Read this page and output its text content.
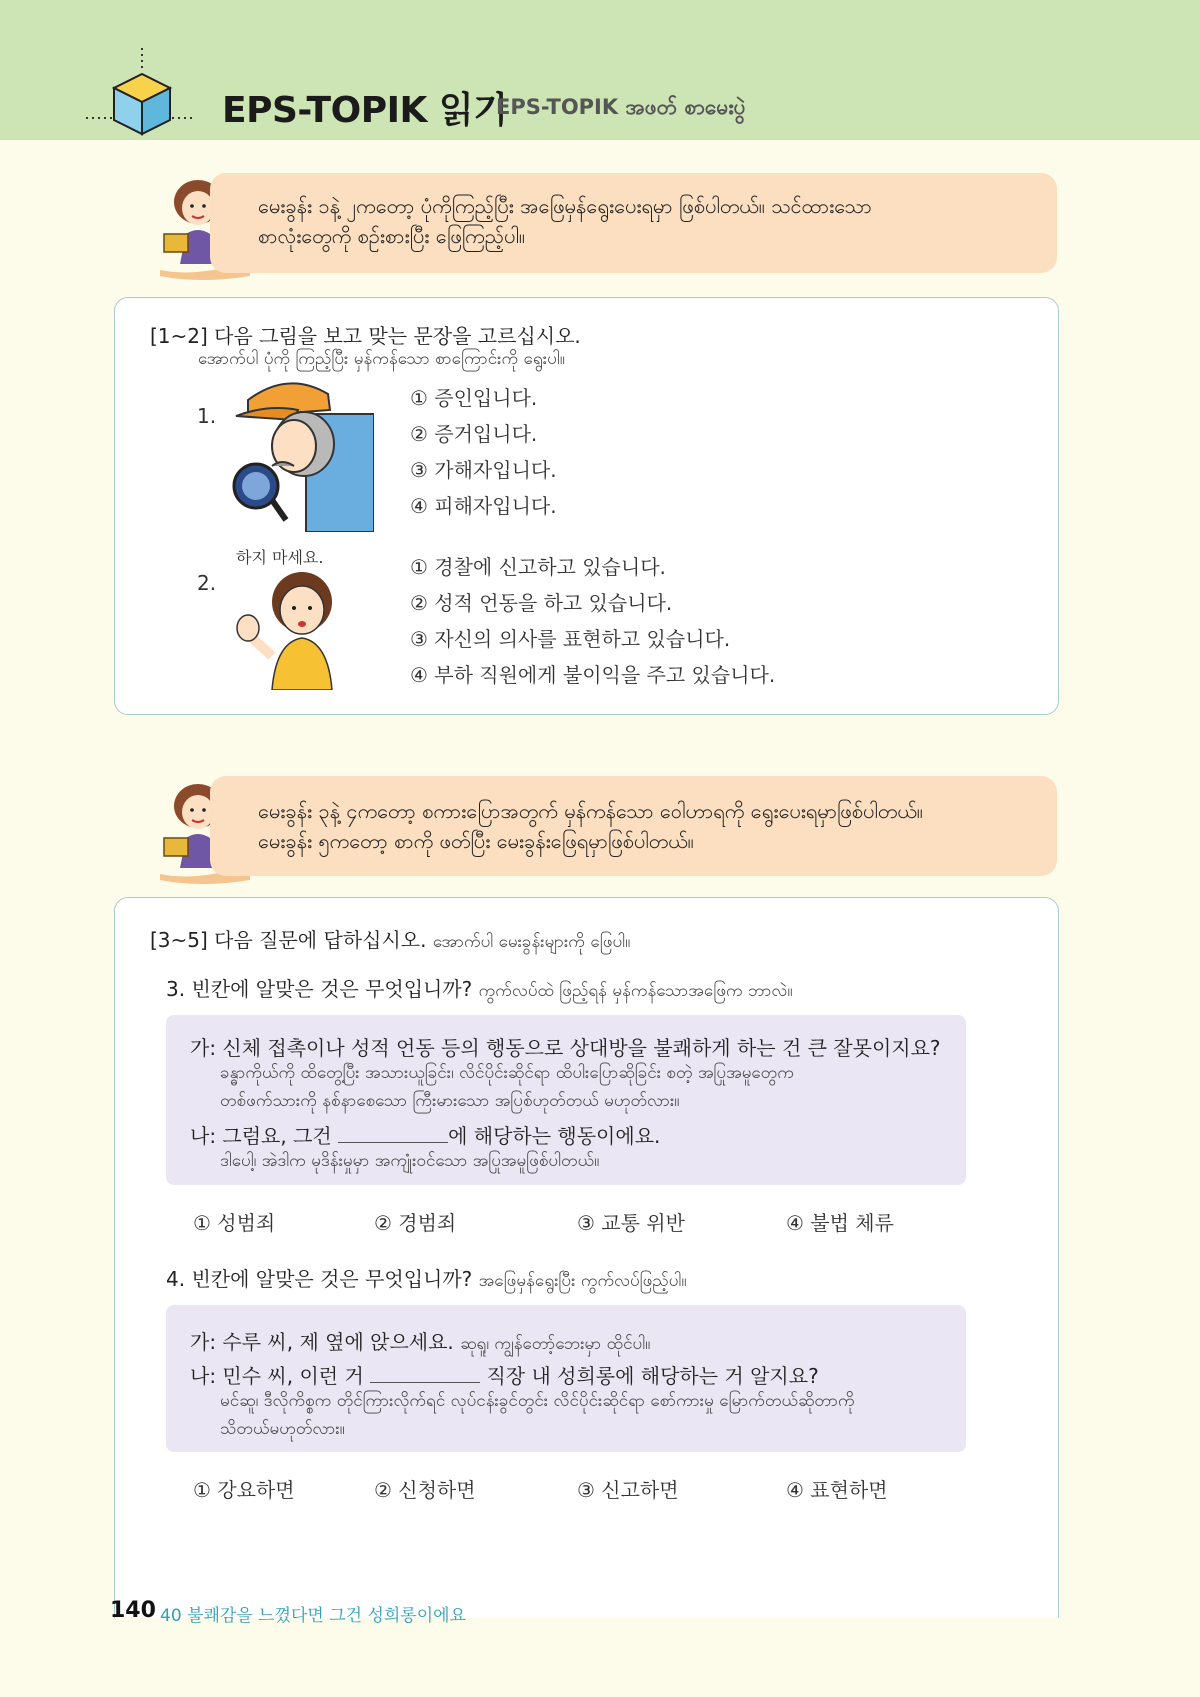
EPS-TOPIK 읽기
EPS-TOPIK အဖတ် စာမေးပွဲ
မေးခွန်း ၁နဲ့ ၂ကတော့ ပုံကိုကြည့်ပြီး အဖြေမှန်ရွေးပေးရမှာ ဖြစ်ပါတယ်။ သင်ထားသော
စာလုံးတွေကို စဉ်းစားပြီး ဖြေကြည့်ပါ။
[1~2] 다음 그림을 보고 맞는 문장을 고르십시오.
အောက်ပါ ပုံကို ကြည့်ပြီး မှန်ကန်သော စာကြောင်းကို ရွေးပါ။
1.
① 증인입니다.
② 증거입니다.
③ 가해자입니다.
④ 피해자입니다.
2.
하지 마세요.	① 경찰에 신고하고 있습니다.
② 성적 언동을 하고 있습니다.
③ 자신의 의사를 표현하고 있습니다.
④ 부하 직원에게 불이익을 주고 있습니다.
မေးခွန်း ၃နဲ့ ၄ကတော့ စကားပြောအတွက် မှန်ကန်သော ဝေါဟာရကို ရွေးပေးရမှာဖြစ်ပါတယ်။
မေးခွန်း ၅ကတော့ စာကို ဖတ်ပြီး မေးခွန်းဖြေရမှာဖြစ်ပါတယ်။
[3~5] 다음 질문에 답하십시오. အောက်ပါ မေးခွန်းများကို ဖြေပါ။
3. 빈칸에 알맞은 것은 무엇입니까? ကွက်လပ်ထဲ ဖြည့်ရန် မှန်ကန်သောအဖြေက ဘာလဲ။
가: 신체 접촉이나 성적 언동 등의 행동으로 상대방을 불쾌하게 하는 건 큰 잘못이지요?
ခန္ဓာကိုယ်ကို ထိတွေ့ပြီး အသားယူခြင်း၊ လိင်ပိုင်းဆိုင်ရာ ထိပါးပြောဆိုခြင်း စတဲ့ အပြုအမူတွေက
တစ်ဖက်သားကို နစ်နာစေသော ကြီးမားသော အပြစ်ဟုတ်တယ် မဟုတ်လား။
나: 그럼요, 그건	에 해당하는 행동이에요.
ဒါပေါ့၊ အဲဒါက မုဒိန်းမှုမှာ အကျုံးဝင်သော အပြုအမူဖြစ်ပါတယ်။
① 성범죄	② 경범죄	③ 교통 위반	④ 불법 체류
4. 빈칸에 알맞은 것은 무엇입니까? အဖြေမှန်ရွေးပြီး ကွက်လပ်ဖြည့်ပါ။
가: 수루 씨, 제 옆에 앉으세요. ဆုရူ၊ ကျွန်တော့်ဘေးမှာ ထိုင်ပါ။
나: 민수 씨, 이런 거	직장 내 성희롱에 해당하는 거 알지요?
မင်ဆူ၊ ဒီလိုကိစ္စက တိုင်ကြားလိုက်ရင် လုပ်ငန်းခွင်တွင်း လိင်ပိုင်းဆိုင်ရာ စော်ကားမှု မြောက်တယ်ဆိုတာကို
သိတယ်မဟုတ်လား။
① 강요하면	② 신청하면	③ 신고하면	④ 표현하면
140 40 불쾌감을 느꼈다면 그건 성희롱이에요
